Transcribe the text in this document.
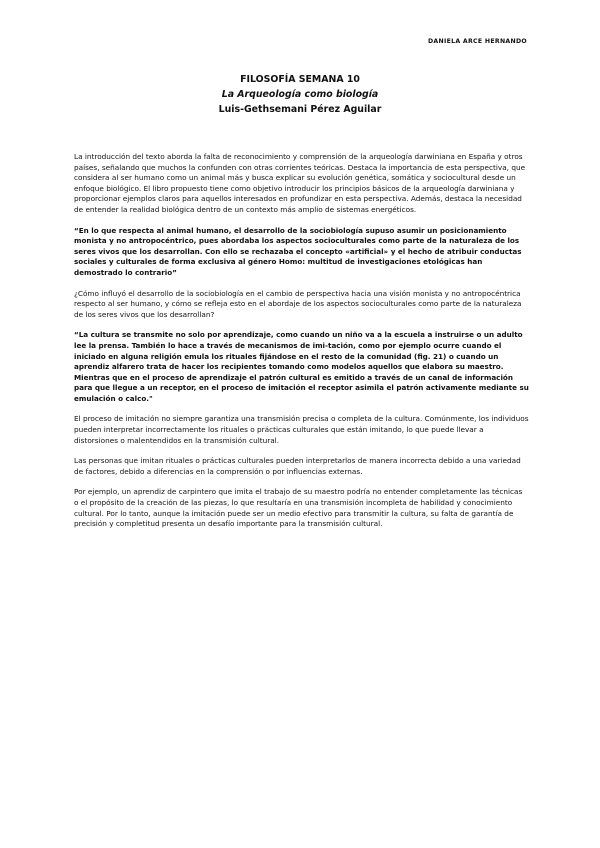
DANIELA ARCE HERNANDO
FILOSOFÍA SEMANA 10
La Arqueología como biología
Luis-Gethsemani Pérez Aguilar

La introducción del texto aborda la falta de reconocimiento y comprensión de la arqueología darwiniana en España y otros países, señalando que muchos la confunden con otras corrientes teóricas. Destaca la importancia de esta perspectiva, que considera al ser humano como un animal más y busca explicar su evolución genética, somática y sociocultural desde un enfoque biológico. El libro propuesto tiene como objetivo introducir los principios básicos de la arqueología darwiniana y proporcionar ejemplos claros para aquellos interesados en profundizar en esta perspectiva. Además, destaca la necesidad de entender la realidad biológica dentro de un contexto más amplio de sistemas energéticos.

“En lo que respecta al animal humano, el desarrollo de la sociobiología supuso asumir un posicionamiento monista y no antropocéntrico, pues abordaba los aspectos socioculturales como parte de la naturaleza de los seres vivos que los desarrollan. Con ello se rechazaba el concepto «artificial» y el hecho de atribuir conductas sociales y culturales de forma exclusiva al género Homo: multitud de investigaciones etológicas han demostrado lo contrario”

¿Cómo influyó el desarrollo de la sociobiología en el cambio de perspectiva hacia una visión monista y no antropocéntrica respecto al ser humano, y cómo se refleja esto en el abordaje de los aspectos socioculturales como parte de la naturaleza de los seres vivos que los desarrollan?

“La cultura se transmite no solo por aprendizaje, como cuando un niño va a la escuela a instruirse o un adulto lee la prensa. También lo hace a través de mecanismos de imi-tación, como por ejemplo ocurre cuando el iniciado en alguna religión emula los rituales fijándose en el resto de la comunidad (fig. 21) o cuando un aprendiz alfarero trata de hacer los recipientes tomando como modelos aquellos que elabora su maestro. Mientras que en el proceso de aprendizaje el patrón cultural es emitido a través de un canal de información para que llegue a un receptor, en el proceso de imitación el receptor asimila el patrón activamente mediante su emulación o calco."

El proceso de imitación no siempre garantiza una transmisión precisa o completa de la cultura. Comúnmente, los individuos pueden interpretar incorrectamente los rituales o prácticas culturales que están imitando, lo que puede llevar a distorsiones o malentendidos en la transmisión cultural.

Las personas que imitan rituales o prácticas culturales pueden interpretarlos de manera incorrecta debido a una variedad de factores, debido a diferencias en la comprensión o por influencias externas.

Por ejemplo, un aprendiz de carpintero que imita el trabajo de su maestro podría no entender completamente las técnicas o el propósito de la creación de las piezas, lo que resultaría en una transmisión incompleta de habilidad y conocimiento cultural. Por lo tanto, aunque la imitación puede ser un medio efectivo para transmitir la cultura, su falta de garantía de precisión y completitud presenta un desafío importante para la transmisión cultural.
